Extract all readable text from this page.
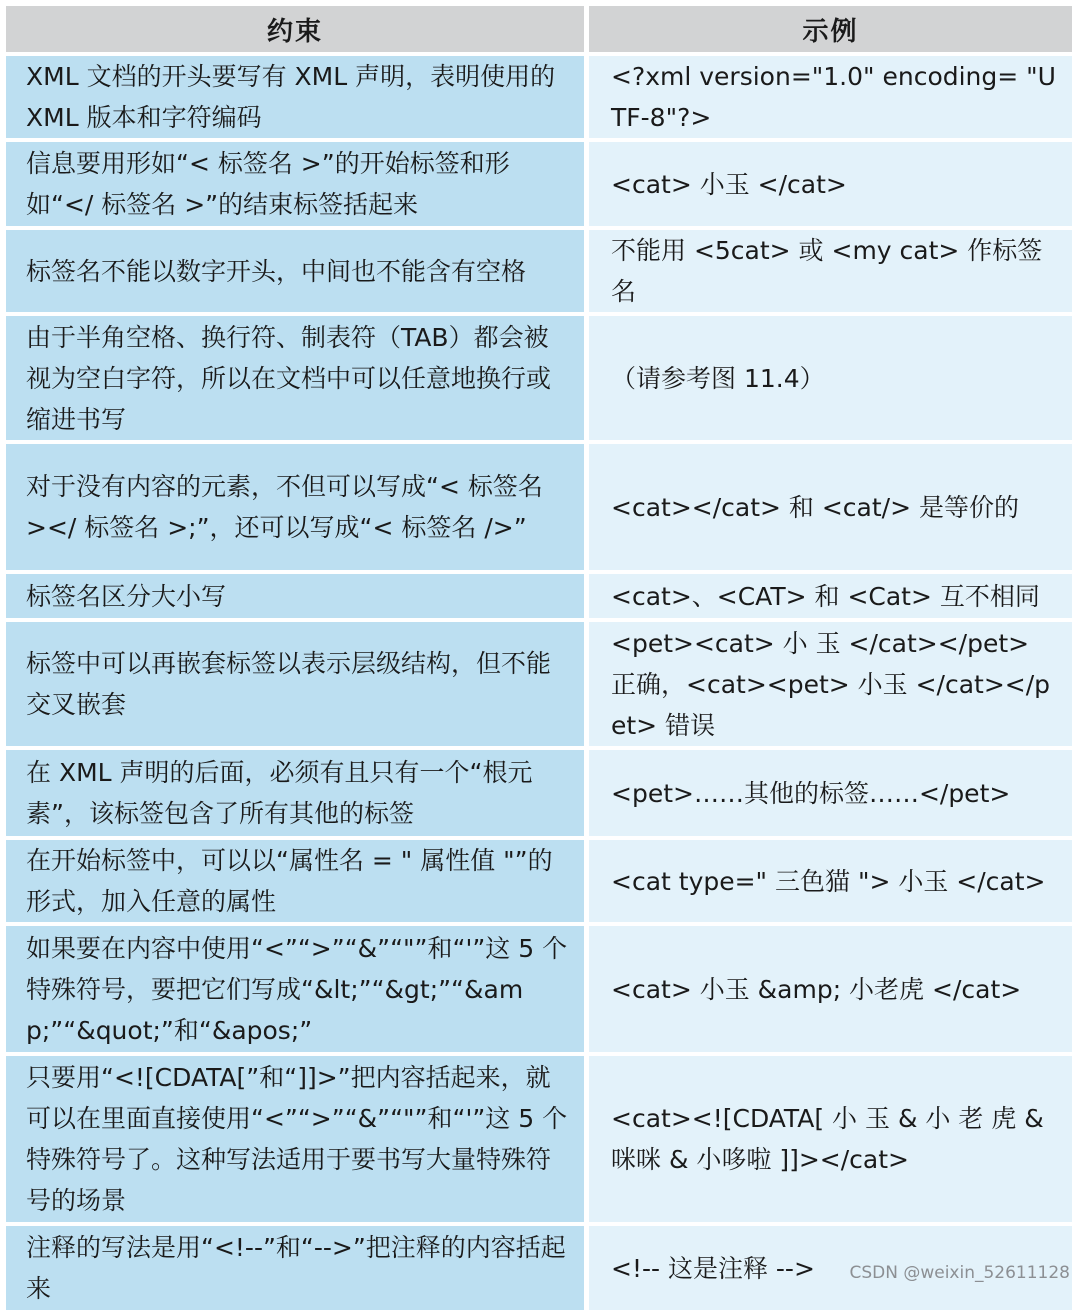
约束	示例
XML 文档的开头要写有 XML 声明，表明使用的 XML 版本和字符编码	<?xml version="1.0" encoding= "UTF-8"?>
信息要用形如“< 标签名 >”的开始标签和形如“</ 标签名 >”的结束标签括起来	<cat> 小玉 </cat>
标签名不能以数字开头，中间也不能含有空格	不能用 <5cat> 或 <my cat> 作标签名
由于半角空格、换行符、制表符（TAB）都会被视为空白字符，所以在文档中可以任意地换行或缩进书写	（请参考图 11.4）
对于没有内容的元素，不但可以写成“< 标签名 ></ 标签名 >;”，还可以写成“< 标签名 />”	<cat></cat> 和 <cat/> 是等价的
标签名区分大小写	<cat>、<CAT> 和 <Cat> 互不相同
标签中可以再嵌套标签以表示层级结构，但不能交叉嵌套	<pet><cat> 小 玉 </cat></pet> 正确，<cat><pet> 小玉 </cat></pet> 错误
在 XML 声明的后面，必须有且只有一个“根元素”，该标签包含了所有其他的标签	<pet>……其他的标签……</pet>
在开始标签中，可以以“属性名 = " 属性值 "”的形式，加入任意的属性	<cat type=" 三色猫 "> 小玉 </cat>
如果要在内容中使用“<”“>”“&”“"”和“'”这 5 个特殊符号，要把它们写成“&lt;”“&gt;”“&amp;”“&quot;”和“&apos;”	<cat> 小玉 &amp; 小老虎 </cat>
只要用“<![CDATA[”和“]]>”把内容括起来，就可以在里面直接使用“<”“>”“&”“"”和“'”这 5 个特殊符号了。这种写法适用于要书写大量特殊符号的场景	<cat><![CDATA[ 小 玉 & 小 老 虎 & 咪咪 & 小哆啦 ]]></cat>
注释的写法是用“<!--”和“-->”把注释的内容括起来	<!-- 这是注释 --> CSDN @weixin_52611128
